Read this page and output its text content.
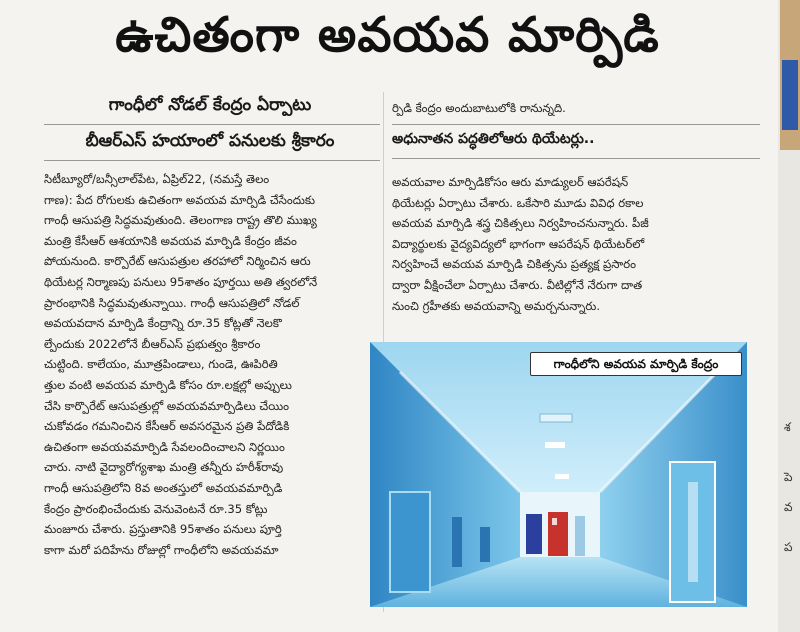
ఉచితంగా అవయవ మార్పిడి
గాంధీలో నోడల్ కేంద్రం ఏర్పాటు
బీఆర్ఎస్ హయాంలో పనులకు శ్రీకారం
సిటీబ్యూరో/బన్సీలాల్‌పేట, ఏప్రిల్22, (నమస్తే తెలం
గాణ): పేద రోగులకు ఉచితంగా అవయవ మార్పిడి చేసేందుకు
గాంధీ ఆసుపత్రి సిద్ధమవుతుంది. తెలంగాణ రాష్ట్ర తొలి ముఖ్య
మంత్రి కేసీఆర్ ఆశయానికి అవయవ మార్పిడి కేంద్రం జీవం
పోయనుంది. కార్పొరేట్ ఆసుపత్రుల తరహాలో నిర్మించిన ఆరు
థియేటర్ల నిర్మాణపు పనులు 95శాతం పూర్తయి అతి త్వరలోనే
ప్రారంభానికి సిద్ధమవుతున్నాయి. గాంధీ ఆసుపత్రిలో నోడల్
అవయవదాన మార్పిడి కేంద్రాన్ని రూ.35 కోట్లతో నెలకొ
ల్పేందుకు 2022లోనే బీఆర్ఎస్ ప్రభుత్వం శ్రీకారం
చుట్టింది. కాలేయం, మూత్రపిండాలు, గుండె, ఊపిరితి
త్తుల వంటి అవయవ మార్పిడి కోసం రూ.లక్షల్లో అప్పులు
చేసి కార్పొరేట్ ఆసుపత్రుల్లో అవయవమార్పిడిలు చేయిం
చుకోవడం గమనించిన కేసీఆర్ అవసరమైన ప్రతి పేదోడికి
ఉచితంగా అవయవమార్పిడి సేవలందించాలని నిర్ణయిం
చారు. నాటి వైద్యారోగ్యశాఖ మంత్రి తన్నీరు హరీశ్‌రావు
గాంధీ ఆసుపత్రిలోని 8వ అంతస్తులో అవయవమార్పిడి
కేంద్రం ప్రారంభించేందుకు వెనువెంటనే రూ.35 కోట్లు
మంజూరు చేశారు. ప్రస్తుతానికి 95శాతం పనులు పూర్తి
కాగా మరో పదిహేను రోజుల్లో గాంధీలోని అవయవమా
ర్పిడి కేంద్రం అందుబాటులోకి రానున్నది.
అధునాతన పద్ధతిలోఆరు థియేటర్లు..
అవయవాల మార్పిడికోసం ఆరు మాడ్యులర్ ఆపరేషన్
థియేటర్లు ఏర్పాటు చేశారు. ఒకేసారి మూడు వివిధ రకాల
అవయవ మార్పిడి శస్త్ర చికిత్సలు నిర్వహించనున్నారు. పీజీ
విద్యార్థులకు వైద్యవిద్యలో భాగంగా ఆపరేషన్ థియేటర్‌లో
నిర్వహించే అవయవ మార్పిడి చికిత్సను ప్రత్యక్ష ప్రసారం
ద్వారా వీక్షించేలా ఏర్పాటు చేశారు. వీటిల్లోనే నేరుగా దాత
నుంచి గ్రహీతకు అవయవాన్ని అమర్చనున్నారు.
గాంధీలోని అవయవ మార్పిడి కేంద్రం
శ
పె
వ
ప
